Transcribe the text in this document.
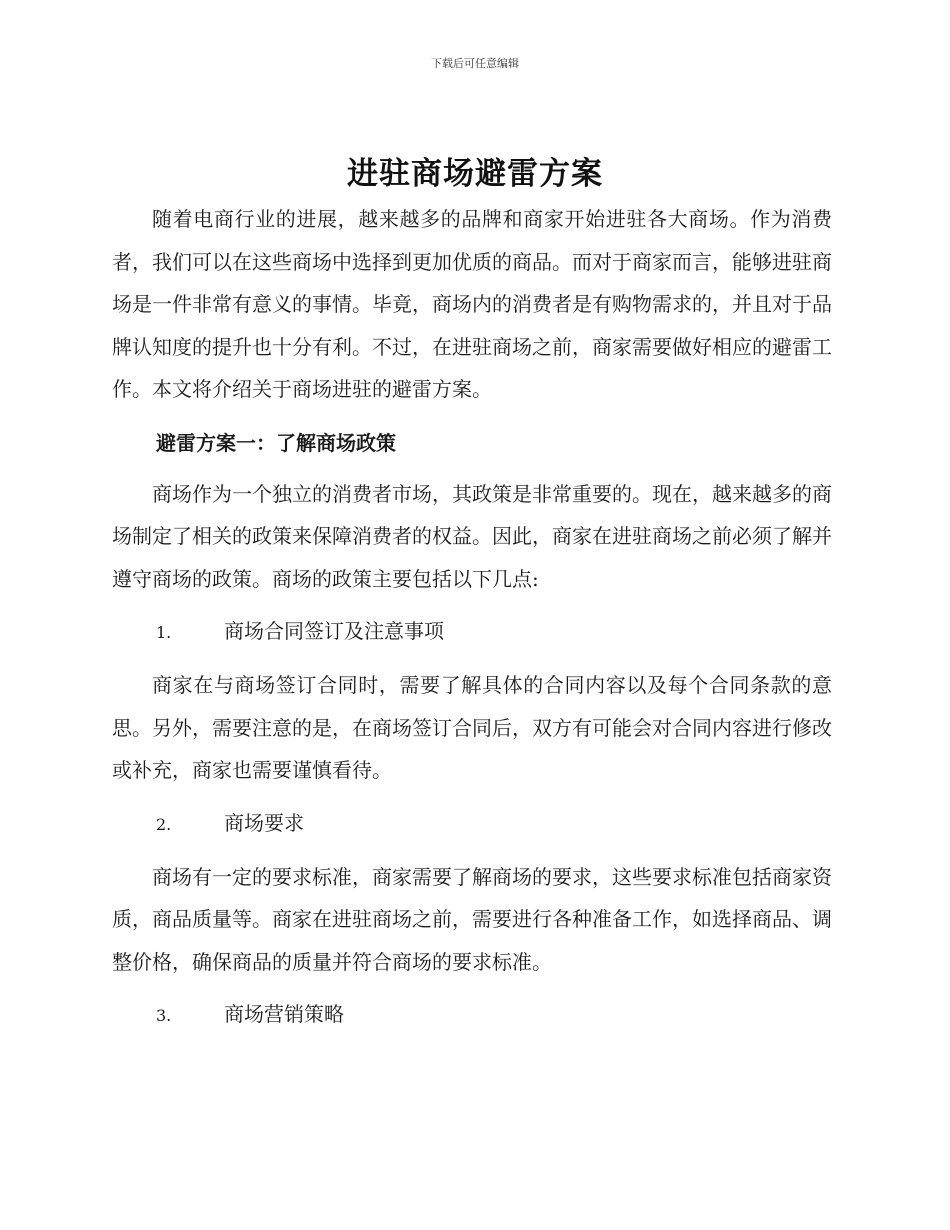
下载后可任意编辑
进驻商场避雷方案

随着电商行业的进展，越来越多的品牌和商家开始进驻各大商场。作为消费者，我们可以在这些商场中选择到更加优质的商品。而对于商家而言，能够进驻商场是一件非常有意义的事情。毕竟，商场内的消费者是有购物需求的，并且对于品牌认知度的提升也十分有利。不过，在进驻商场之前，商家需要做好相应的避雷工作。本文将介绍关于商场进驻的避雷方案。

避雷方案一：了解商场政策

商场作为一个独立的消费者市场，其政策是非常重要的。现在，越来越多的商场制定了相关的政策来保障消费者的权益。因此，商家在进驻商场之前必须了解并遵守商场的政策。商场的政策主要包括以下几点:

1.	商场合同签订及注意事项

商家在与商场签订合同时，需要了解具体的合同内容以及每个合同条款的意思。另外，需要注意的是，在商场签订合同后，双方有可能会对合同内容进行修改或补充，商家也需要谨慎看待。

2.	商场要求

商场有一定的要求标准，商家需要了解商场的要求，这些要求标准包括商家资质，商品质量等。商家在进驻商场之前，需要进行各种准备工作，如选择商品、调整价格，确保商品的质量并符合商场的要求标准。

3.	商场营销策略
